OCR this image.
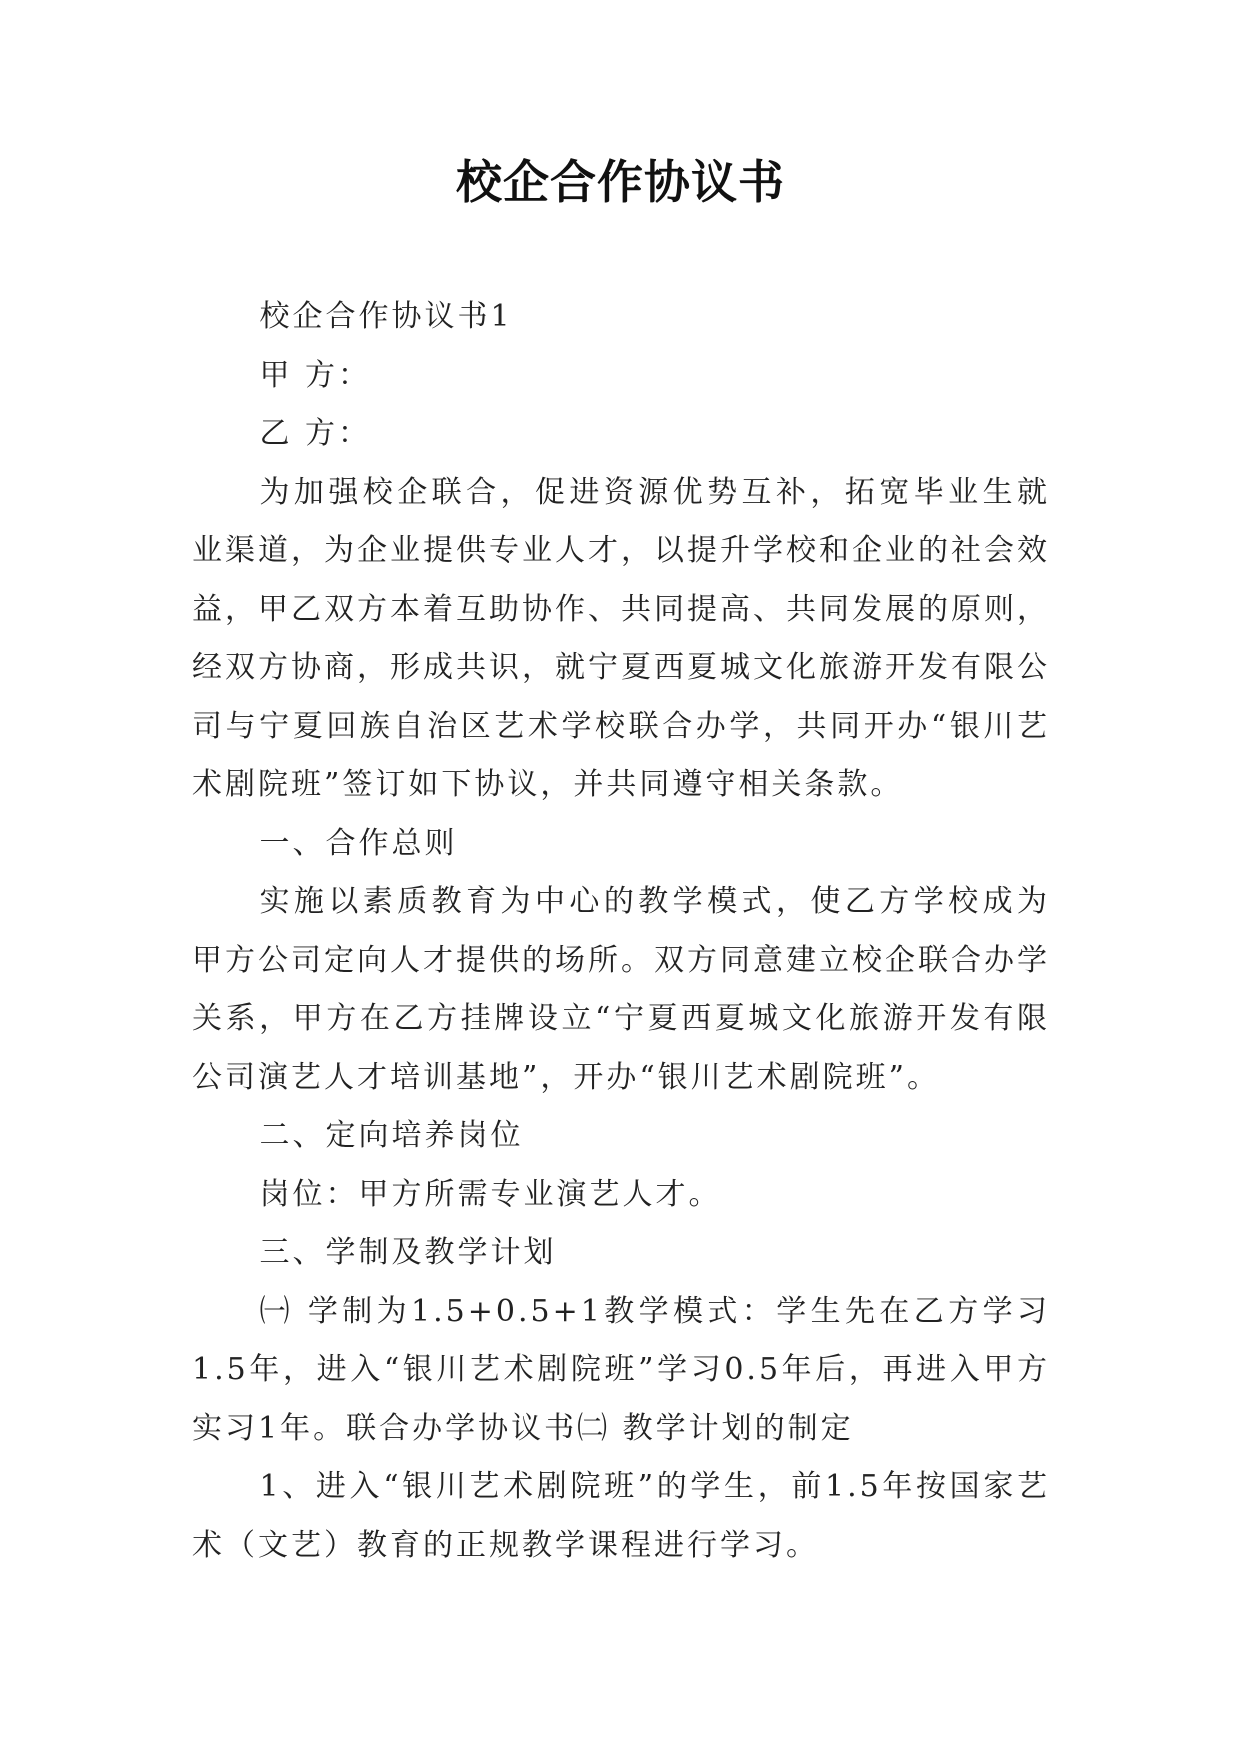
校企合作协议书

校企合作协议书1

甲 方：

乙 方：

为加强校企联合，促进资源优势互补，拓宽毕业生就业渠道，为企业提供专业人才，以提升学校和企业的社会效益，甲乙双方本着互助协作、共同提高、共同发展的原则，经双方协商，形成共识，就宁夏西夏城文化旅游开发有限公司与宁夏回族自治区艺术学校联合办学，共同开办“银川艺术剧院班”签订如下协议，并共同遵守相关条款。

一、合作总则

实施以素质教育为中心的教学模式，使乙方学校成为甲方公司定向人才提供的场所。双方同意建立校企联合办学关系，甲方在乙方挂牌设立“宁夏西夏城文化旅游开发有限公司演艺人才培训基地”，开办“银川艺术剧院班”。

二、定向培养岗位

岗位：甲方所需专业演艺人才。

三、学制及教学计划

㈠ 学制为1.5+0.5+1教学模式：学生先在乙方学习1.5年，进入“银川艺术剧院班”学习0.5年后，再进入甲方实习1年。联合办学协议书㈡ 教学计划的制定

1、进入“银川艺术剧院班”的学生，前1.5年按国家艺术（文艺）教育的正规教学课程进行学习。
